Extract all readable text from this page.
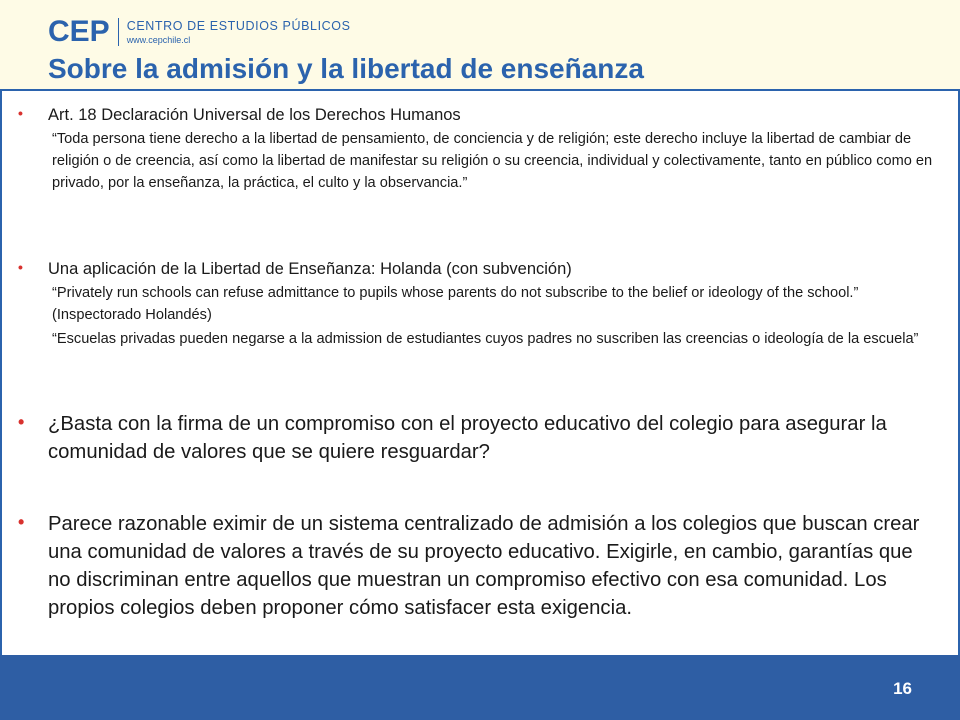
CEP CENTRO DE ESTUDIOS PÚBLICOS
www.cepchile.cl
Sobre la admisión y la libertad de enseñanza
• Art. 18 Declaración Universal de los Derechos Humanos

“Toda persona tiene derecho a la libertad de pensamiento, de conciencia y de religión; este derecho incluye la libertad de cambiar de religión o de creencia, así como la libertad de manifestar su religión o su creencia, individual y colectivamente, tanto en público como en privado, por la enseñanza, la práctica, el culto y la observancia.”

• Una aplicación de la Libertad de Enseñanza: Holanda (con subvención)

“Privately run schools can refuse admittance to pupils whose parents do not subscribe to the belief or ideology of the school.” (Inspectorado Holandés)

“Escuelas privadas pueden negarse a la admission de estudiantes cuyos padres no suscriben las creencias o ideología de la escuela”

• ¿Basta con la firma de un compromiso con el proyecto educativo del colegio para asegurar la comunidad de valores que se quiere resguardar?

• Parece razonable eximir de un sistema centralizado de admisión a los colegios que buscan crear una comunidad de valores a través de su proyecto educativo. Exigirle, en cambio, garantías que no discriminan entre aquellos que muestran un compromiso efectivo con esa comunidad. Los propios colegios deben proponer cómo satisfacer esta exigencia.

16
